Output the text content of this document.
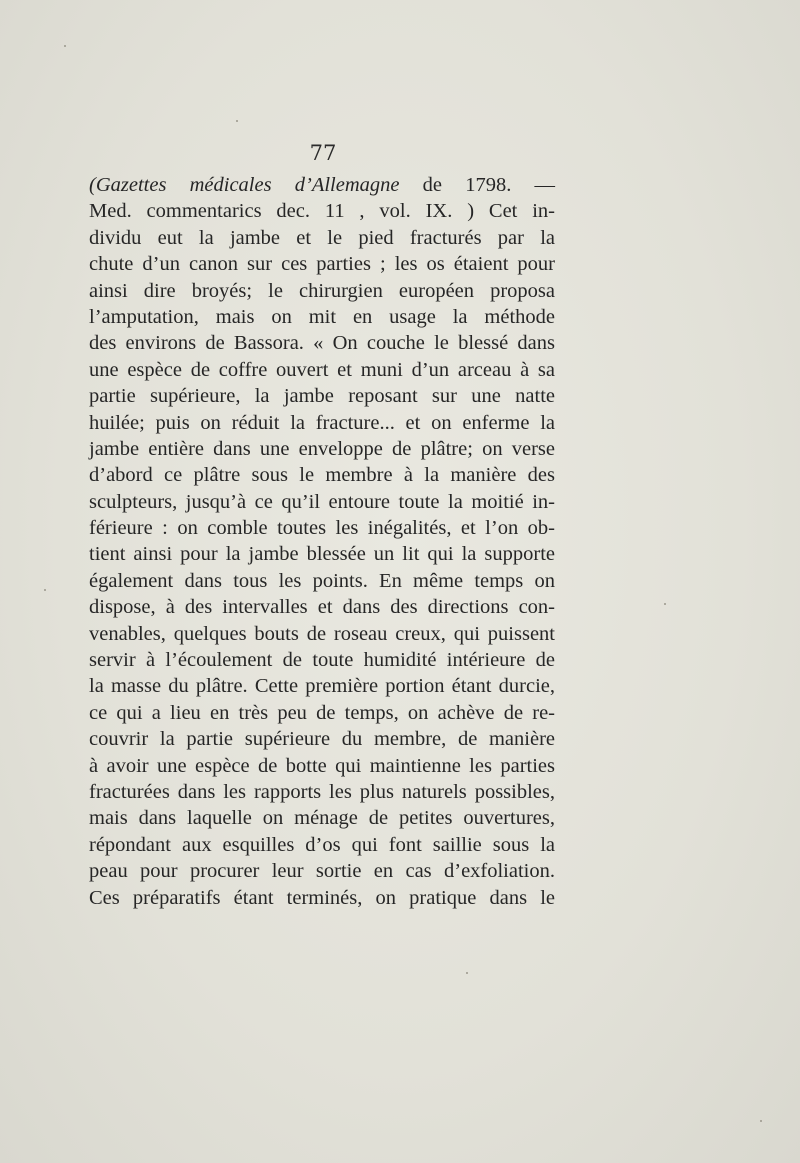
77
(Gazettes médicales d’Allemagne de 1798. —
Med. commentarics dec. 11 , vol. IX. ) Cet in-
dividu eut la jambe et le pied fracturés par la
chute d’un canon sur ces parties ; les os étaient pour
ainsi dire broyés; le chirurgien européen proposa
l’amputation, mais on mit en usage la méthode
des environs de Bassora. « On couche le blessé dans
une espèce de coffre ouvert et muni d’un arceau à sa
partie supérieure, la jambe reposant sur une natte
huilée; puis on réduit la fracture... et on enferme la
jambe entière dans une enveloppe de plâtre; on verse
d’abord ce plâtre sous le membre à la manière des
sculpteurs, jusqu’à ce qu’il entoure toute la moitié in-
férieure : on comble toutes les inégalités, et l’on ob-
tient ainsi pour la jambe blessée un lit qui la supporte
également dans tous les points. En même temps on
dispose, à des intervalles et dans des directions con-
venables, quelques bouts de roseau creux, qui puissent
servir à l’écoulement de toute humidité intérieure de
la masse du plâtre. Cette première portion étant durcie,
ce qui a lieu en très peu de temps, on achève de re-
couvrir la partie supérieure du membre, de manière
à avoir une espèce de botte qui maintienne les parties
fracturées dans les rapports les plus naturels possibles,
mais dans laquelle on ménage de petites ouvertures,
répondant aux esquilles d’os qui font saillie sous la
peau pour procurer leur sortie en cas d’exfoliation.
Ces préparatifs étant terminés, on pratique dans le
